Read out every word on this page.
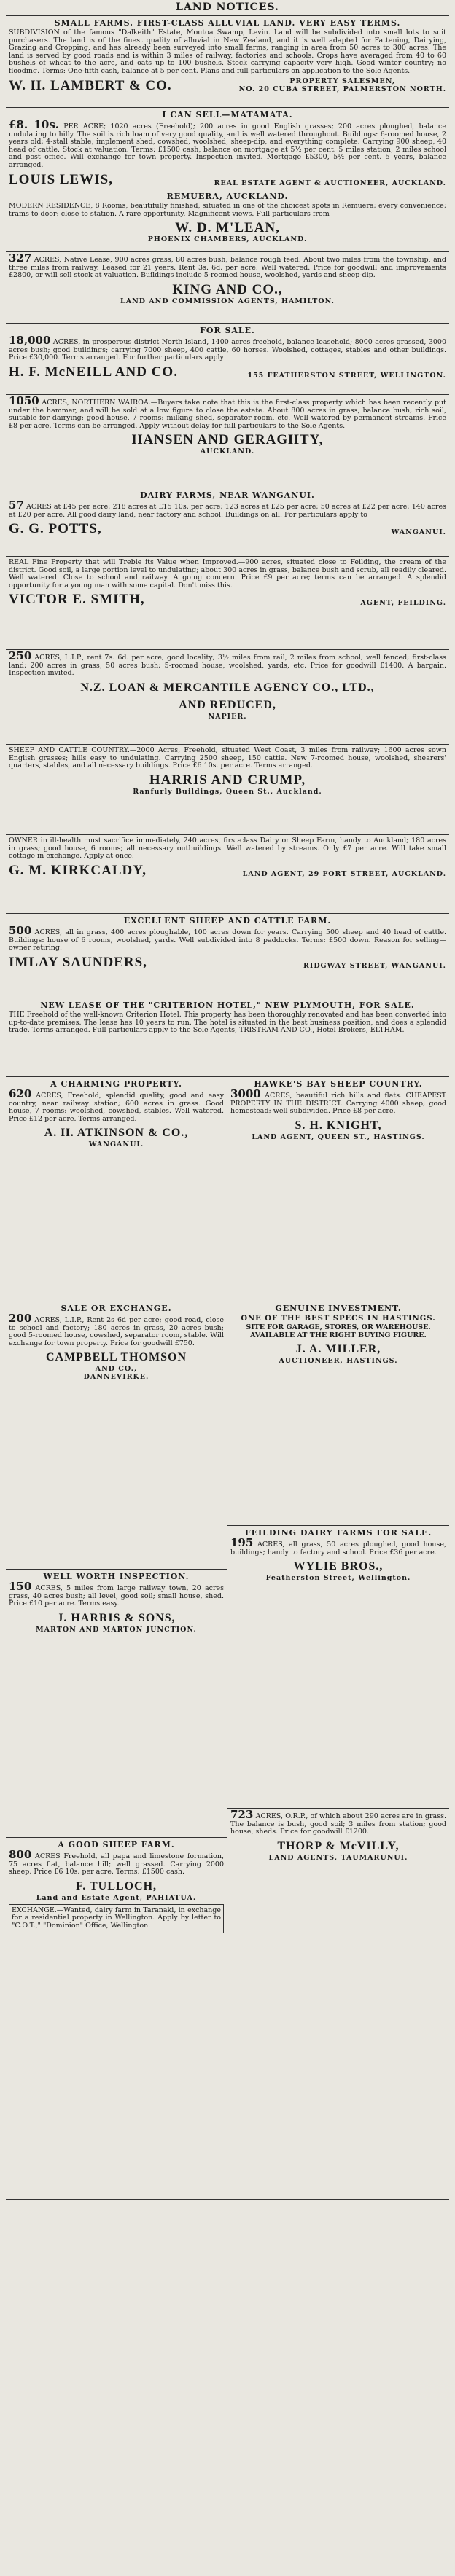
LAND NOTICES.
SMALL FARMS. FIRST-CLASS ALLUVIAL LAND. VERY EASY TERMS.
SUBDIVISION of the famous "Dalkeith" Estate, Moutoa Swamp, Levin. Land will be subdivided into small lots to suit purchasers. The land is of the finest quality of alluvial in New Zealand, and it is well adapted for Fattening, Dairying, Grazing and Cropping, and has already been surveyed into small farms, ranging in area from 50 acres to 300 acres. The land is served by good roads and is within 3 miles of railway, factories and schools. Crops have averaged from 40 to 60 bushels of wheat to the acre, and oats up to 100 bushels. Stock carrying capacity very high. Good winter country; no flooding. Terms: One-fifth cash, balance at 5 per cent. Plans and full particulars on application to the Sole Agents.
W. H. LAMBERT & CO.	PROPERTY SALESMEN,
NO. 20 CUBA STREET, PALMERSTON NORTH.
I CAN SELL—MATAMATA.
£8. 10s. PER ACRE; 1020 acres (Freehold); 200 acres in good English grasses; 200 acres ploughed, balance undulating to hilly. The soil is rich loam of very good quality, and is well watered throughout. Buildings: 6-roomed house, 2 years old; 4-stall stable, implement shed, cowshed, woolshed, sheep-dip, and everything complete. Carrying 900 sheep, 40 head of cattle. Stock at valuation. Terms: £1500 cash, balance on mortgage at 5½ per cent. 5 miles station, 2 miles school and post office. Will exchange for town property. Inspection invited. Mortgage £5300, 5½ per cent. 5 years, balance arranged.
LOUIS LEWIS,	REAL ESTATE AGENT & AUCTIONEER, AUCKLAND.
REMUERA, AUCKLAND.
MODERN RESIDENCE, 8 Rooms, beautifully finished, situated in one of the choicest spots in Remuera; every convenience; trams to door; close to station. A rare opportunity. Magnificent views. Full particulars from
W. D. M'LEAN,
PHOENIX CHAMBERS, AUCKLAND.
327 ACRES, Native Lease, 900 acres grass, 80 acres bush, balance rough feed. About two miles from the township, and three miles from railway. Leased for 21 years. Rent 3s. 6d. per acre. Well watered. Price for goodwill and improvements £2800, or will sell stock at valuation. Buildings include 5-roomed house, woolshed, yards and sheep-dip.
KING AND CO.,
LAND AND COMMISSION AGENTS, HAMILTON.
FOR SALE.
18,000 ACRES, in prosperous district North Island, 1400 acres freehold, balance leasehold; 8000 acres grassed, 3000 acres bush; good buildings; carrying 7000 sheep, 400 cattle, 60 horses. Woolshed, cottages, stables and other buildings. Price £30,000. Terms arranged. For further particulars apply
H. F. McNEILL AND CO.	155 FEATHERSTON STREET, WELLINGTON.
1050 ACRES, NORTHERN WAIROA.—Buyers take note that this is the first-class property which has been recently put under the hammer, and will be sold at a low figure to close the estate. About 800 acres in grass, balance bush; rich soil, suitable for dairying; good house, 7 rooms; milking shed, separator room, etc. Well watered by permanent streams. Price £8 per acre. Terms can be arranged. Apply without delay for full particulars to the Sole Agents.
HANSEN AND GERAGHTY,
AUCKLAND.
DAIRY FARMS, NEAR WANGANUI.
57 ACRES at £45 per acre; 218 acres at £15 10s. per acre; 123 acres at £25 per acre; 50 acres at £22 per acre; 140 acres at £20 per acre. All good dairy land, near factory and school. Buildings on all. For particulars apply to
G. G. POTTS,	WANGANUI.
REAL Fine Property that will Treble its Value when Improved.—900 acres, situated close to Feilding, the cream of the district. Good soil, a large portion level to undulating; about 300 acres in grass, balance bush and scrub, all readily cleared. Well watered. Close to school and railway. A going concern. Price £9 per acre; terms can be arranged. A splendid opportunity for a young man with some capital. Don't miss this.
VICTOR E. SMITH,	AGENT, FEILDING.
250 ACRES, L.I.P., rent 7s. 6d. per acre; good locality; 3½ miles from rail, 2 miles from school; well fenced; first-class land; 200 acres in grass, 50 acres bush; 5-roomed house, woolshed, yards, etc. Price for goodwill £1400. A bargain. Inspection invited.
N.Z. LOAN & MERCANTILE AGENCY CO., LTD.,
AND REDUCED,
NAPIER.
SHEEP AND CATTLE COUNTRY.—2000 Acres, Freehold, situated West Coast, 3 miles from railway; 1600 acres sown English grasses; hills easy to undulating. Carrying 2500 sheep, 150 cattle. New 7-roomed house, woolshed, shearers' quarters, stables, and all necessary buildings. Price £6 10s. per acre. Terms arranged.
HARRIS AND CRUMP,
Ranfurly Buildings, Queen St., Auckland.
OWNER in ill-health must sacrifice immediately, 240 acres, first-class Dairy or Sheep Farm, handy to Auckland; 180 acres in grass; good house, 6 rooms; all necessary outbuildings. Well watered by streams. Only £7 per acre. Will take small cottage in exchange. Apply at once.
G. M. KIRKCALDY,	LAND AGENT, 29 FORT STREET, AUCKLAND.
EXCELLENT SHEEP AND CATTLE FARM.
500 ACRES, all in grass, 400 acres ploughable, 100 acres down for years. Carrying 500 sheep and 40 head of cattle. Buildings: house of 6 rooms, woolshed, yards. Well subdivided into 8 paddocks. Terms: £500 down. Reason for selling—owner retiring.
IMLAY SAUNDERS,	RIDGWAY STREET, WANGANUI.
NEW LEASE OF THE "CRITERION HOTEL," NEW PLYMOUTH, FOR SALE.
THE Freehold of the well-known Criterion Hotel. This property has been thoroughly renovated and has been converted into up-to-date premises. The lease has 10 years to run. The hotel is situated in the best business position, and does a splendid trade. Terms arranged. Full particulars apply to the Sole Agents, TRISTRAM AND CO., Hotel Brokers, ELTHAM.
A CHARMING PROPERTY.
620 ACRES, Freehold, splendid quality, good and easy country, near railway station; 600 acres in grass. Good house, 7 rooms; woolshed, cowshed, stables. Well watered. Price £12 per acre. Terms arranged.
A. H. ATKINSON & CO.,
WANGANUI.
SALE OR EXCHANGE.
200 ACRES, L.I.P., Rent 2s 6d per acre; good road, close to school and factory; 180 acres in grass, 20 acres bush; good 5-roomed house, cowshed, separator room, stable. Will exchange for town property. Price for goodwill £750.
CAMPBELL THOMSON
AND CO.,
DANNEVIRKE.
WELL WORTH INSPECTION.
150 ACRES, 5 miles from large railway town, 20 acres grass, 40 acres bush; all level, good soil; small house, shed. Price £10 per acre. Terms easy.
J. HARRIS & SONS,
MARTON AND MARTON JUNCTION.
A GOOD SHEEP FARM.
800 ACRES Freehold, all papa and limestone formation, 75 acres flat, balance hill; well grassed. Carrying 2000 sheep. Price £6 10s. per acre. Terms: £1500 cash.
F. TULLOCH,
Land and Estate Agent, PAHIATUA.
EXCHANGE.—Wanted, dairy farm in Taranaki, in exchange for a residential property in Wellington. Apply by letter to "C.O.T.," "Dominion" Office, Wellington.
HAWKE'S BAY SHEEP COUNTRY.
3000 ACRES, beautiful rich hills and flats. CHEAPEST PROPERTY IN THE DISTRICT. Carrying 4000 sheep; good homestead; well subdivided. Price £8 per acre.
S. H. KNIGHT,
LAND AGENT, QUEEN ST., HASTINGS.
GENUINE INVESTMENT.
ONE OF THE BEST SPECS IN HASTINGS.
SITE FOR GARAGE, STORES, OR WAREHOUSE. AVAILABLE AT THE RIGHT BUYING FIGURE.
J. A. MILLER,
AUCTIONEER, HASTINGS.
FEILDING DAIRY FARMS FOR SALE.
195 ACRES, all grass, 50 acres ploughed, good house, buildings; handy to factory and school. Price £36 per acre.
WYLIE BROS.,
Featherston Street, Wellington.
723 ACRES, O.R.P., of which about 290 acres are in grass. The balance is bush, good soil; 3 miles from station; good house, sheds. Price for goodwill £1200.
THORP & McVILLY,
LAND AGENTS, TAUMARUNUI.
